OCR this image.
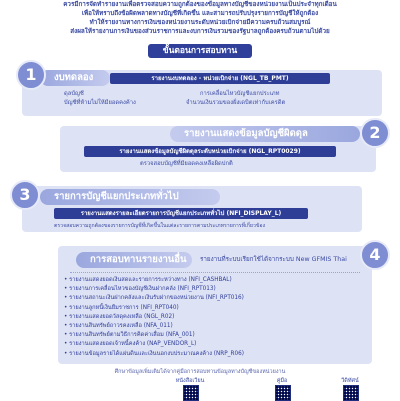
ควรมีการจัดทำรายงานเพื่อตรวจสอบความถูกต้องของข้อมูลทางบัญชีของหน่วยงานเป็นประจำทุกเดือน
เพื่อให้ทราบถึงข้อผิดพลาดทางบัญชีที่เกิดขึ้น และสามารถปรับปรุงรายการบัญชีให้ถูกต้อง
ทำให้รายงานทางการเงินของหน่วยงานระดับหน่วยเบิกจ่ายมีความครบถ้วนสมบูรณ์
ส่งผลให้รายงานการเงินของส่วนราชการและงบการเงินรวมของรัฐบาลถูกต้องครบถ้วนตามไปด้วย
ขั้นตอนการสอบทาน
งบทดลอง
1	รายงานงบทดลอง - หน่วยเบิกจ่าย (NGL_TB_PMT)
ดุลบัญชี
บัญชีที่ห้ามไม่ให้มียอดคงค้าง
การเคลื่อนไหวบัญชีแยกประเภท
จำนวนเงินรวมของฝั่งเดบิตเท่ากับเครดิต
รายงานแสดงข้อมูลบัญชีผิดดุล	2
รายงานแสดงข้อมูลบัญชีผิดดุลระดับหน่วยเบิกจ่าย (NGL_RPT0029)
ตรวจสอบบัญชีที่มียอดคงเหลือผิดปกติ
รายการบัญชีแยกประเภททั่วไป
3
รายงานแสดงรายละเอียดรายการบัญชีแยกประเภททั่วไป (NFI_DISPLAY_L)
ตรวจสอบความถูกต้องของรายการบัญชีที่เกิดขึ้นในแต่ละรายการตามประเภทรายการที่เกี่ยวข้อง
การสอบทานรายงานอื่น	4
รายงานที่ระบบเรียกใช้ได้จากระบบ New GFMIS Thai
• รายงานแสดงยอดเงินสดและรายการระหว่างทาง (NFI_CASHBAL)
• รายงานการเคลื่อนไหวของบัญชีเงินฝากคลัง (NFI_RPT013)
• รายงานสถานะเงินฝากคลังและเงินรับฝากของหน่วยงาน (NFI_RPT016)
• รายงานลูกหนี้เงินยืมราชการ (NFI_RPT040)
• รายงานแสดงยอดวัสดุคงเหลือ (NGL_R02)
• รายงานสินทรัพย์ถาวรคงเหลือ (NFA_011)
• รายงานสินทรัพย์ตามวิธีการคิดค่าเสื่อม (NFA_001)
• รายงานแสดงยอดเจ้าหนี้คงค้าง (NAP_VENDOR_L)
• รายงานข้อมูลรายได้แผ่นดินและเงินนอกงบประมาณคงค้าง (NRP_R06)
ศึกษาข้อมูลเพิ่มเติมได้จากคู่มือการสอบทานข้อมูลทางบัญชีของหน่วยงาน
หนังสือเวียน	คู่มือ	วีดิทัศน์
